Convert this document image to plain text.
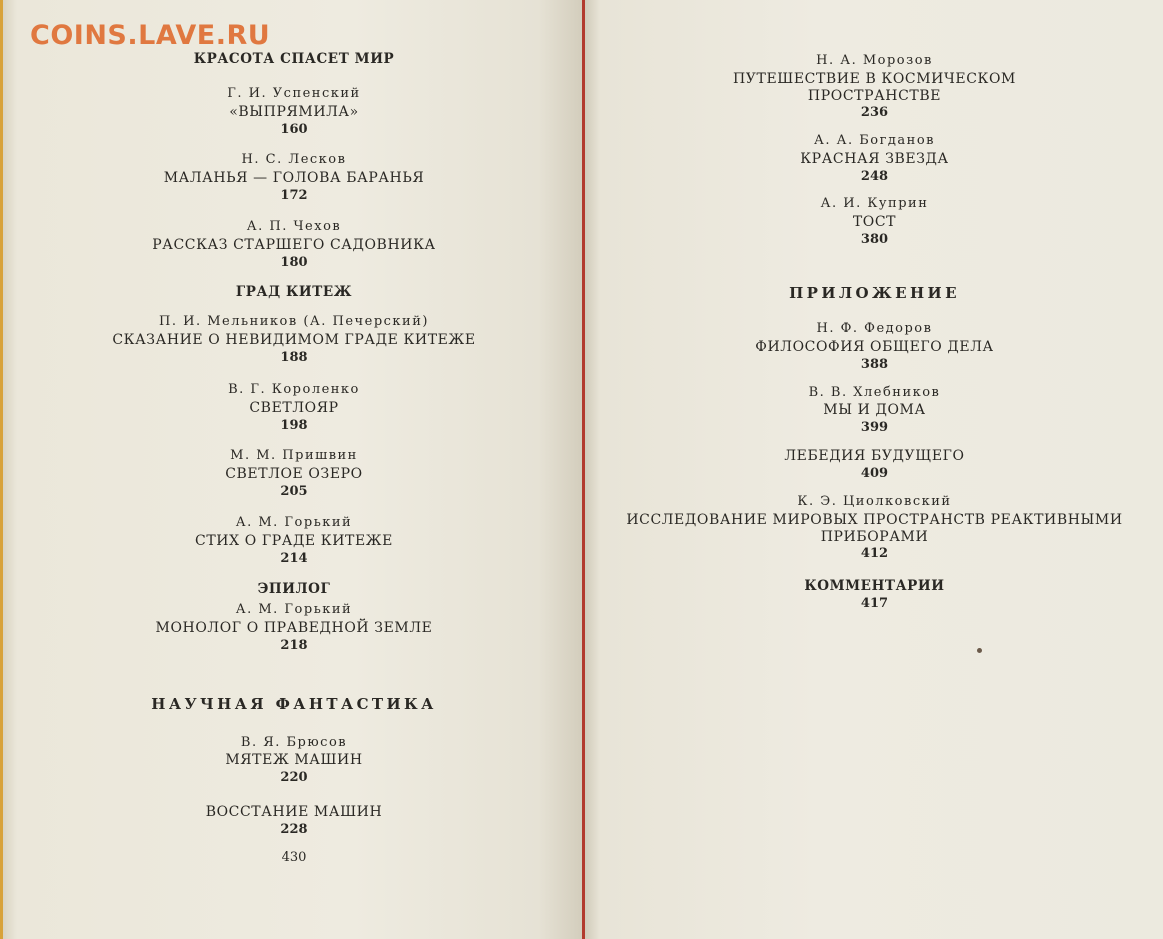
КРАСОТА СПАСЕТ МИР
Г. И. Успенский
«ВЫПРЯМИЛА»
160
Н. С. Лесков
МАЛАНЬЯ — ГОЛОВА БАРАНЬЯ
172
А. П. Чехов
РАССКАЗ СТАРШЕГО САДОВНИКА
180
ГРАД КИТЕЖ
П. И. Мельников (А. Печерский)
СКАЗАНИЕ О НЕВИДИМОМ ГРАДЕ КИТЕЖЕ
188
В. Г. Короленко
СВЕТЛОЯР
198
М. М. Пришвин
СВЕТЛОЕ ОЗЕРО
205
А. М. Горький
СТИХ О ГРАДЕ КИТЕЖЕ
214
ЭПИЛОГ
А. М. Горький
МОНОЛОГ О ПРАВЕДНОЙ ЗЕМЛЕ
218
НАУЧНАЯ ФАНТАСТИКА
В. Я. Брюсов
МЯТЕЖ МАШИН
220
ВОССТАНИЕ МАШИН
228
430
Н. А. Морозов
ПУТЕШЕСТВИЕ В КОСМИЧЕСКОМ
ПРОСТРАНСТВЕ
236
А. А. Богданов
КРАСНАЯ ЗВЕЗДА
248
А. И. Куприн
ТОСТ
380
ПРИЛОЖЕНИЕ
Н. Ф. Федоров
ФИЛОСОФИЯ ОБЩЕГО ДЕЛА
388
В. В. Хлебников
МЫ И ДОМА
399
ЛЕБЕДИЯ БУДУЩЕГО
409
К. Э. Циолковский
ИССЛЕДОВАНИЕ МИРОВЫХ ПРОСТРАНСТВ РЕАКТИВНЫМИ
ПРИБОРАМИ
412
КОММЕНТАРИИ
417
COINS.LAVE.RU
